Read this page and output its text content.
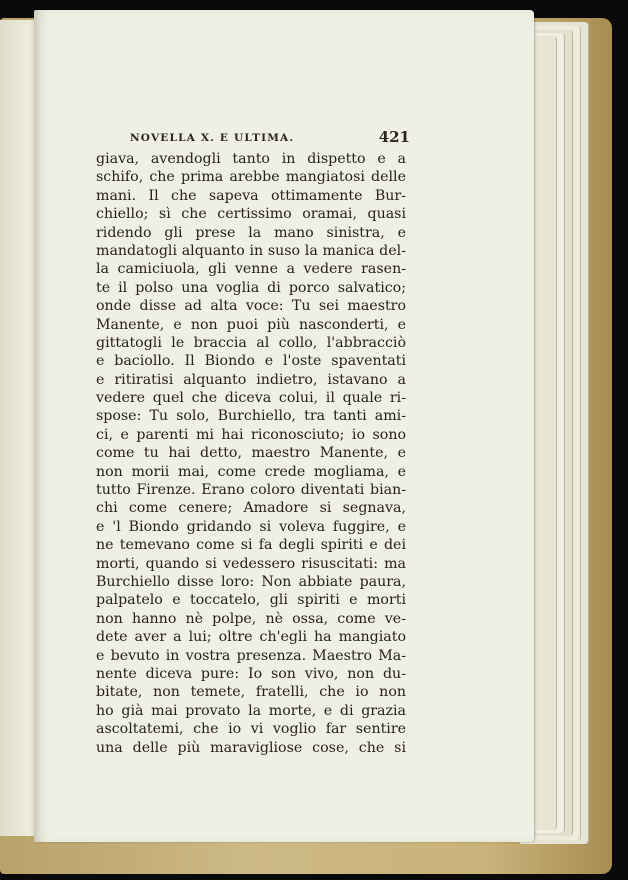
NOVELLA X. E ULTIMA.	421
giava, avendogli tanto in dispetto e a
schifo, che prima arebbe mangiatosi delle
mani. Il che sapeva ottimamente Bur-
chiello; sì che certissimo oramai, quasi
ridendo gli prese la mano sinistra, e
mandatogli alquanto in suso la manica del-
la camiciuola, gli venne a vedere rasen-
te il polso una voglia di porco salvatico;
onde disse ad alta voce: Tu sei maestro
Manente, e non puoi più nasconderti, e
gittatogli le braccia al collo, l'abbracciò
e baciollo. Il Biondo e l'oste spaventati
e ritiratisi alquanto indietro, istavano a
vedere quel che diceva colui, il quale ri-
spose: Tu solo, Burchiello, tra tanti ami-
ci, e parenti mi hai riconosciuto; io sono
come tu hai detto, maestro Manente, e
non morii mai, come crede mogliama, e
tutto Firenze. Erano coloro diventati bian-
chi come cenere; Amadore si segnava,
e 'l Biondo gridando si voleva fuggire, e
ne temevano come si fa degli spiriti e dei
morti, quando si vedessero risuscitati: ma
Burchiello disse loro: Non abbiate paura,
palpatelo e toccatelo, gli spiriti e morti
non hanno nè polpe, nè ossa, come ve-
dete aver a lui; oltre ch'egli ha mangiato
e bevuto in vostra presenza. Maestro Ma-
nente diceva pure: Io son vivo, non du-
bitate, non temete, fratelli, che io non
ho già mai provato la morte, e di grazia
ascoltatemi, che io vi voglio far sentire
una delle più maravigliose cose, che si
